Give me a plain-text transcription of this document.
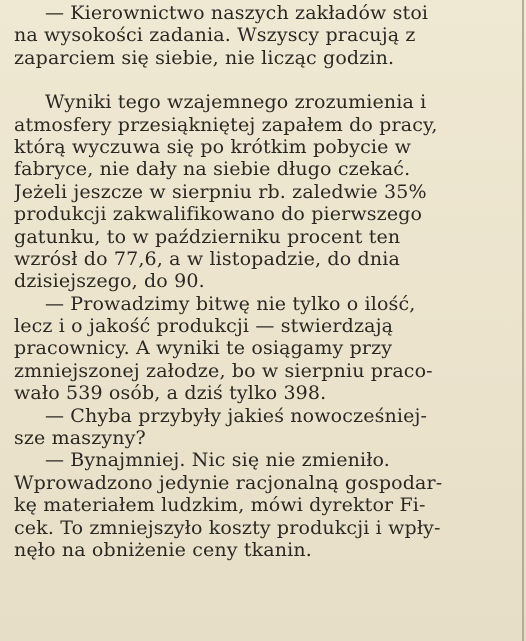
— Kierownictwo naszych zakładów stoi
na wysokości zadania. Wszyscy pracują z
zaparciem się siebie, nie licząc godzin.
Wyniki tego wzajemnego zrozumienia i
atmosfery przesiąkniętej zapałem do pracy,
którą wyczuwa się po krótkim pobycie w
fabryce, nie dały na siebie długo czekać.
Jeżeli jeszcze w sierpniu rb. zaledwie 35%
produkcji zakwalifikowano do pierwszego
gatunku, to w październiku procent ten
wzrósł do 77,6, a w listopadzie, do dnia
dzisiejszego, do 90.
— Prowadzimy bitwę nie tylko o ilość,
lecz i o jakość produkcji — stwierdzają
pracownicy. A wyniki te osiągamy przy
zmniejszonej załodze, bo w sierpniu praco-
wało 539 osób, a dziś tylko 398.
— Chyba przybyły jakieś nowocześniej-
sze maszyny?
— Bynajmniej. Nic się nie zmieniło.
Wprowadzono jedynie racjonalną gospodar-
kę materiałem ludzkim, mówi dyrektor Fi-
cek. To zmniejszyło koszty produkcji i wpły-
nęło na obniżenie ceny tkanin.
